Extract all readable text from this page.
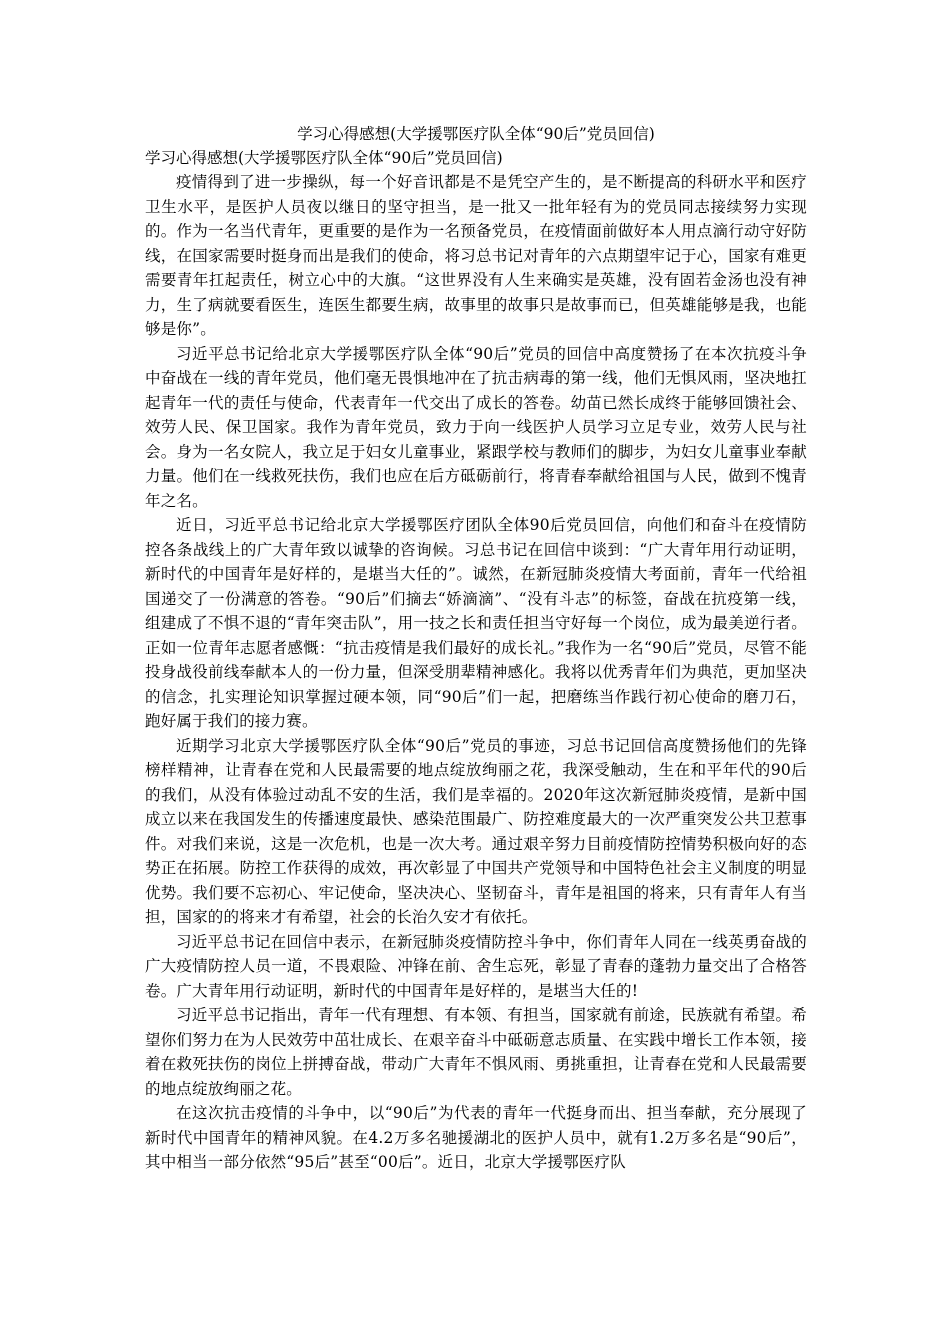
学习心得感想(大学援鄂医疗队全体“90后”党员回信)

学习心得感想(大学援鄂医疗队全体“90后”党员回信)

疫情得到了进一步操纵，每一个好音讯都是不是凭空产生的，是不断提高的科研水平和医疗卫生水平，是医护人员夜以继日的坚守担当，是一批又一批年轻有为的党员同志接续努力实现的。作为一名当代青年，更重要的是作为一名预备党员，在疫情面前做好本人用点滴行动守好防线，在国家需要时挺身而出是我们的使命，将习总书记对青年的六点期望牢记于心，国家有难更需要青年扛起责任，树立心中的大旗。“这世界没有人生来确实是英雄，没有固若金汤也没有神力，生了病就要看医生，连医生都要生病，故事里的故事只是故事而已，但英雄能够是我，也能够是你”。

习近平总书记给北京大学援鄂医疗队全体“90后”党员的回信中高度赞扬了在本次抗疫斗争中奋战在一线的青年党员，他们毫无畏惧地冲在了抗击病毒的第一线，他们无惧风雨，坚决地扛起青年一代的责任与使命，代表青年一代交出了成长的答卷。幼苗已然长成终于能够回馈社会、效劳人民、保卫国家。我作为青年党员，致力于向一线医护人员学习立足专业，效劳人民与社会。身为一名女院人，我立足于妇女儿童事业，紧跟学校与教师们的脚步，为妇女儿童事业奉献力量。他们在一线救死扶伤，我们也应在后方砥砺前行，将青春奉献给祖国与人民，做到不愧青年之名。

近日，习近平总书记给北京大学援鄂医疗团队全体90后党员回信，向他们和奋斗在疫情防控各条战线上的广大青年致以诚挚的咨询候。习总书记在回信中谈到：“广大青年用行动证明，新时代的中国青年是好样的，是堪当大任的”。诚然，在新冠肺炎疫情大考面前，青年一代给祖国递交了一份满意的答卷。“90后”们摘去“娇滴滴”、“没有斗志”的标签，奋战在抗疫第一线，组建成了不惧不退的“青年突击队”，用一技之长和责任担当守好每一个岗位，成为最美逆行者。正如一位青年志愿者感慨：“抗击疫情是我们最好的成长礼。”我作为一名“90后”党员，尽管不能投身战役前线奉献本人的一份力量，但深受朋辈精神感化。我将以优秀青年们为典范，更加坚决的信念，扎实理论知识掌握过硬本领，同“90后”们一起，把磨练当作践行初心使命的磨刀石，跑好属于我们的接力赛。

近期学习北京大学援鄂医疗队全体“90后”党员的事迹，习总书记回信高度赞扬他们的先锋榜样精神，让青春在党和人民最需要的地点绽放绚丽之花，我深受触动，生在和平年代的90后的我们，从没有体验过动乱不安的生活，我们是幸福的。2020年这次新冠肺炎疫情，是新中国成立以来在我国发生的传播速度最快、感染范围最广、防控难度最大的一次严重突发公共卫惹事件。对我们来说，这是一次危机，也是一次大考。通过艰辛努力目前疫情防控情势积极向好的态势正在拓展。防控工作获得的成效，再次彰显了中国共产党领导和中国特色社会主义制度的明显优势。我们要不忘初心、牢记使命，坚决决心、坚韧奋斗，青年是祖国的将来，只有青年人有当担，国家的的将来才有希望，社会的长治久安才有依托。

习近平总书记在回信中表示，在新冠肺炎疫情防控斗争中，你们青年人同在一线英勇奋战的广大疫情防控人员一道，不畏艰险、冲锋在前、舍生忘死，彰显了青春的蓬勃力量交出了合格答卷。广大青年用行动证明，新时代的中国青年是好样的，是堪当大任的!

习近平总书记指出，青年一代有理想、有本领、有担当，国家就有前途，民族就有希望。希望你们努力在为人民效劳中茁壮成长、在艰辛奋斗中砥砺意志质量、在实践中增长工作本领，接着在救死扶伤的岗位上拼搏奋战，带动广大青年不惧风雨、勇挑重担，让青春在党和人民最需要的地点绽放绚丽之花。

在这次抗击疫情的斗争中，以“90后”为代表的青年一代挺身而出、担当奉献，充分展现了新时代中国青年的精神风貌。在4.2万多名驰援湖北的医护人员中，就有1.2万多名是“90后”，其中相当一部分依然“95后”甚至“00后”。近日，北京大学援鄂医疗队
